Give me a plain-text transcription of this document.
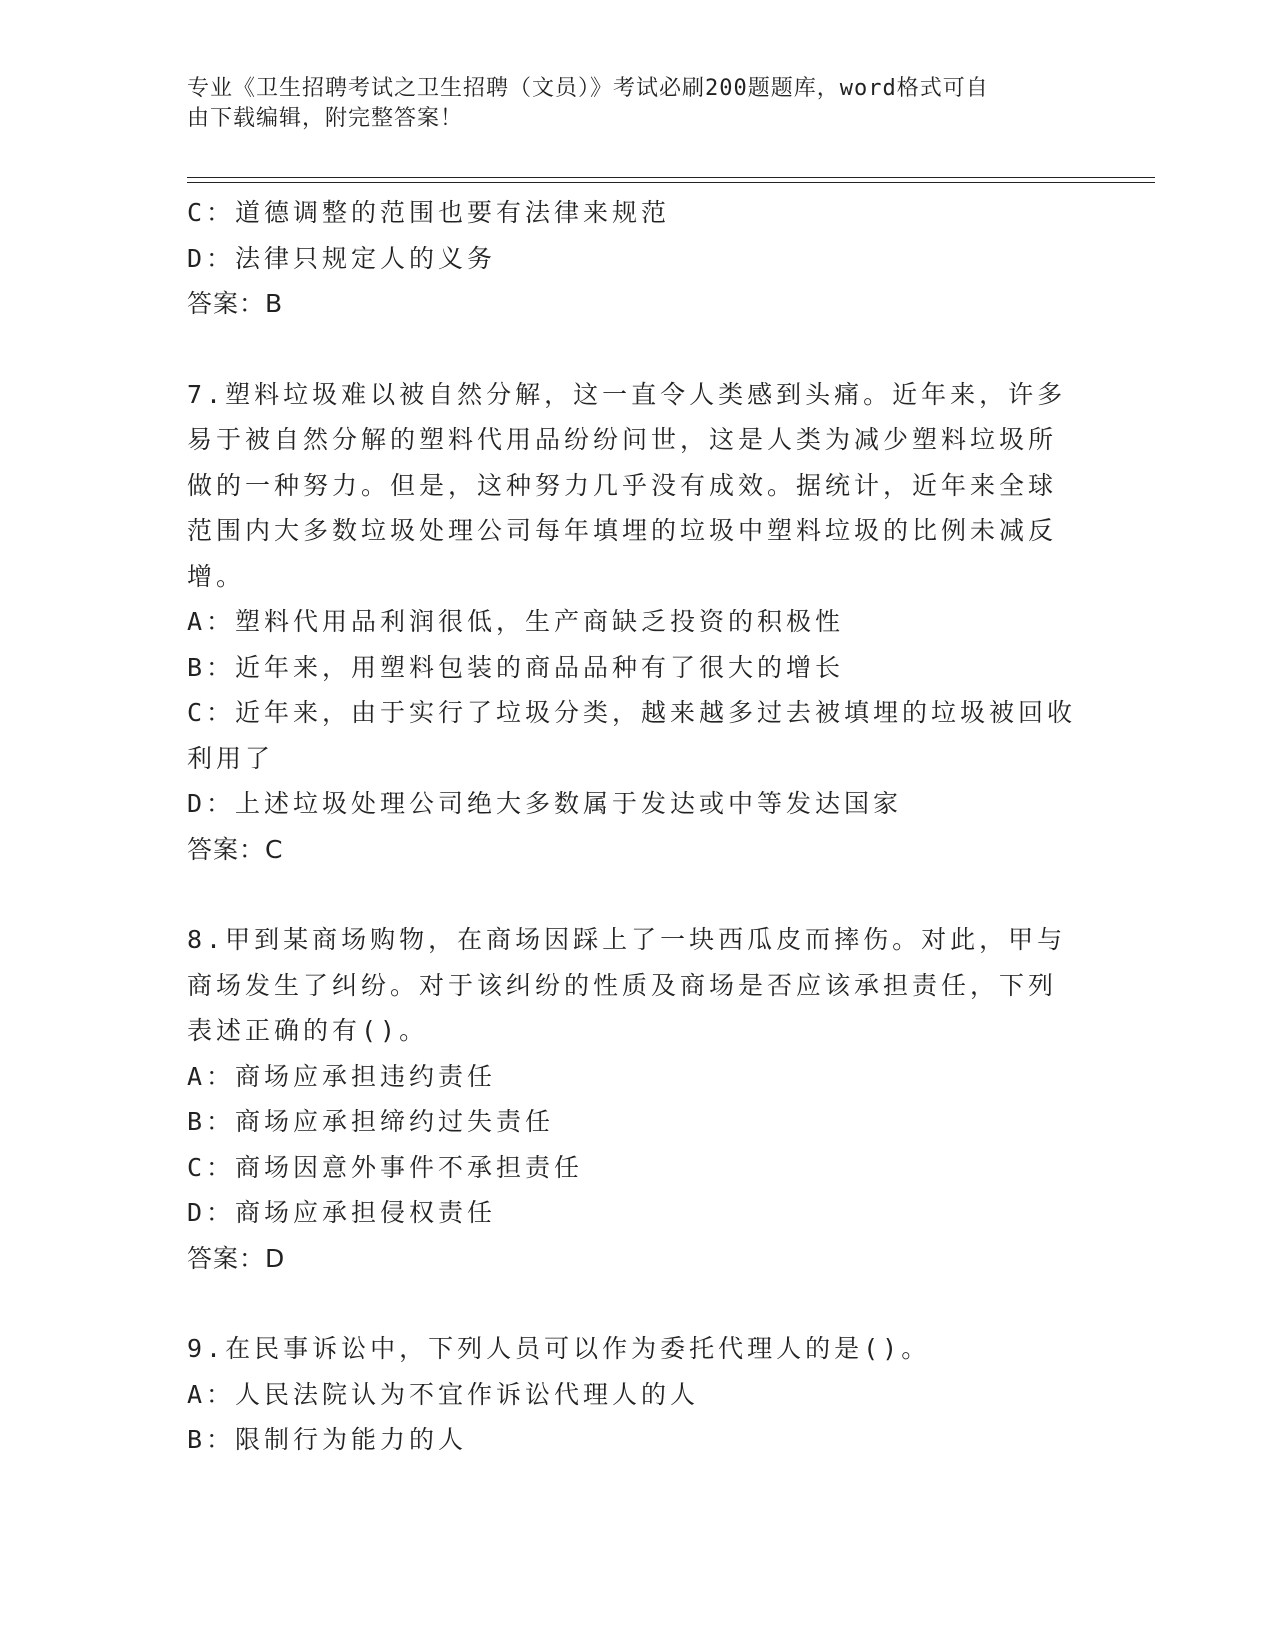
专业《卫生招聘考试之卫生招聘（文员）》考试必刷200题题库，word格式可自
由下载编辑，附完整答案！

C：道德调整的范围也要有法律来规范

D：法律只规定人的义务

答案：B

7.塑料垃圾难以被自然分解，这一直令人类感到头痛。近年来，许多

易于被自然分解的塑料代用品纷纷问世，这是人类为减少塑料垃圾所

做的一种努力。但是，这种努力几乎没有成效。据统计，近年来全球

范围内大多数垃圾处理公司每年填埋的垃圾中塑料垃圾的比例未减反

增。

A：塑料代用品利润很低，生产商缺乏投资的积极性

B：近年来，用塑料包装的商品品种有了很大的增长

C：近年来，由于实行了垃圾分类，越来越多过去被填埋的垃圾被回收

利用了

D：上述垃圾处理公司绝大多数属于发达或中等发达国家

答案：C

8.甲到某商场购物，在商场因踩上了一块西瓜皮而摔伤。对此，甲与

商场发生了纠纷。对于该纠纷的性质及商场是否应该承担责任，下列

表述正确的有()。

A：商场应承担违约责任

B：商场应承担缔约过失责任

C：商场因意外事件不承担责任

D：商场应承担侵权责任

答案：D

9.在民事诉讼中，下列人员可以作为委托代理人的是()。

A：人民法院认为不宜作诉讼代理人的人

B：限制行为能力的人
